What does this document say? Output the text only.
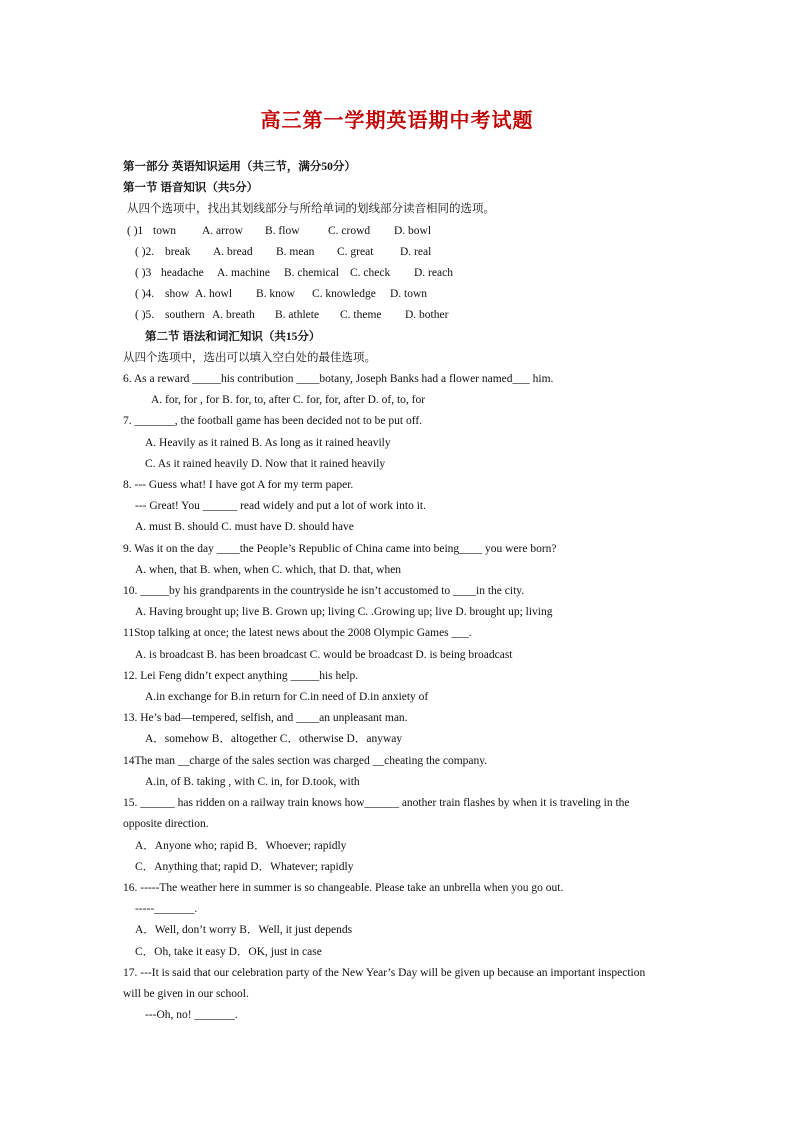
高三第一学期英语期中考试题
第一部分 英语知识运用（共三节，满分50分）
第一节 语音知识（共5分）
从四个选项中，找出其划线部分与所给单词的划线部分读音相同的选项。
( )1 town A. arrow B. flow C. crowd D. bowl
( )2. break A. bread B. mean C. great D. real
( )3 headache A. machine B. chemical C. check D. reach
( )4. show A. howl B. know C. knowledge D. town
( )5. southern A. breath B. athlete C. theme D. bother
第二节 语法和词汇知识（共15分）
从四个选项中，选出可以填入空白处的最佳选项。
6. As a reward _____his contribution ____botany, Joseph Banks had a flower named___ him.
A. for, for , for B. for, to, after C. for, for, after D. of, to, for
7. _______, the football game has been decided not to be put off.
A. Heavily as it rained B. As long as it rained heavily
C. As it rained heavily D. Now that it rained heavily
8. --- Guess what! I have got A for my term paper.
--- Great! You ______ read widely and put a lot of work into it.
A. must B. should C. must have D. should have
9. Was it on the day ____the People’s Republic of China came into being____ you were born?
A. when, that B. when, when C. which, that D. that, when
10. _____by his grandparents in the countryside he isn’t accustomed to ____in the city.
A. Having brought up; live B. Grown up; living C. .Growing up; live D. brought up; living
11Stop talking at once; the latest news about the 2008 Olympic Games ___.
A. is broadcast B. has been broadcast C. would be broadcast D. is being broadcast
12. Lei Feng didn’t expect anything _____his help.
A.in exchange for B.in return for C.in need of D.in anxiety of
13. He’s bad—tempered, selfish, and ____an unpleasant man.
A．somehow B．altogether C．otherwise D．anyway
14The man __charge of the sales section was charged __cheating the company.
A.in, of B. taking , with C. in, for D.took, with
15. ______ has ridden on a railway train knows how______ another train flashes by when it is traveling in the opposite direction.
A．Anyone who; rapid B．Whoever; rapidly
C．Anything that; rapid D．Whatever; rapidly
16. -----The weather here in summer is so changeable. Please take an unbrella when you go out.
-----_______.
A．Well, don’t worry B．Well, it just depends
C．Oh, take it easy D．OK, just in case
17. ---It is said that our celebration party of the New Year’s Day will be given up because an important inspection will be given in our school.
---Oh, no! _______.
